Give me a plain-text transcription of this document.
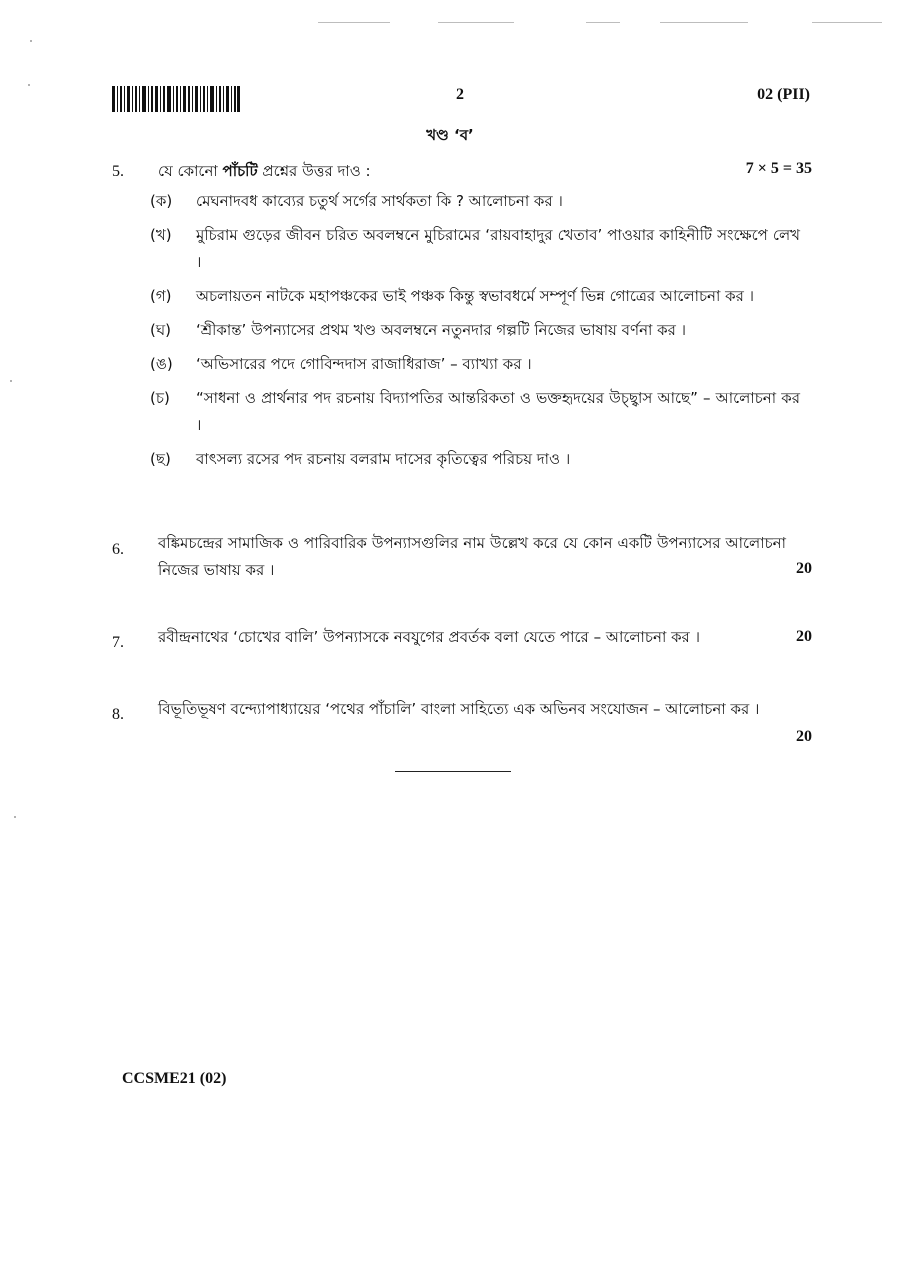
2	02 (PII)
খণ্ড ‘ব’
5. যে কোনো পাঁচটি প্রশ্নের উত্তর দাও :	7 × 5 = 35
(ক)	মেঘনাদবধ কাব্যের চতুর্থ সর্গের সার্থকতা কি ? আলোচনা কর ।
(খ)	মুচিরাম গুড়ের জীবন চরিত অবলম্বনে মুচিরামের ‘রায়বাহাদুর খেতাব’ পাওয়ার কাহিনীটি সংক্ষেপে লেখ ।
(গ)	অচলায়তন নাটকে মহাপঞ্চকের ভাই পঞ্চক কিন্তু স্বভাবধর্মে সম্পূর্ণ ভিন্ন গোত্রের আলোচনা কর ।
(ঘ)	‘শ্রীকান্ত’ উপন্যাসের প্রথম খণ্ড অবলম্বনে নতুনদার গল্পটি নিজের ভাষায় বর্ণনা কর ।
(ঙ)	‘অভিসারের পদে গোবিন্দদাস রাজাধিরাজ’ – ব্যাখ্যা কর ।
(চ)	“সাধনা ও প্রার্থনার পদ রচনায় বিদ্যাপতির আন্তরিকতা ও ভক্তহৃদয়ের উচ্ছ্বাস আছে” – আলোচনা কর ।
(ছ)	বাৎসল্য রসের পদ রচনায় বলরাম দাসের কৃতিত্বের পরিচয় দাও ।
6. বঙ্কিমচন্দ্রের সামাজিক ও পারিবারিক উপন্যাসগুলির নাম উল্লেখ করে যে কোন একটি উপন্যাসের আলোচনা নিজের ভাষায় কর ।	20
7. রবীন্দ্রনাথের ‘চোখের বালি’ উপন্যাসকে নবযুগের প্রবর্তক বলা যেতে পারে – আলোচনা কর ।	20
8. বিভূতিভূষণ বন্দ্যোপাধ্যায়ের ‘পথের পাঁচালি’ বাংলা সাহিত্যে এক অভিনব সংযোজন – আলোচনা কর ।
20
CCSME21 (02)
